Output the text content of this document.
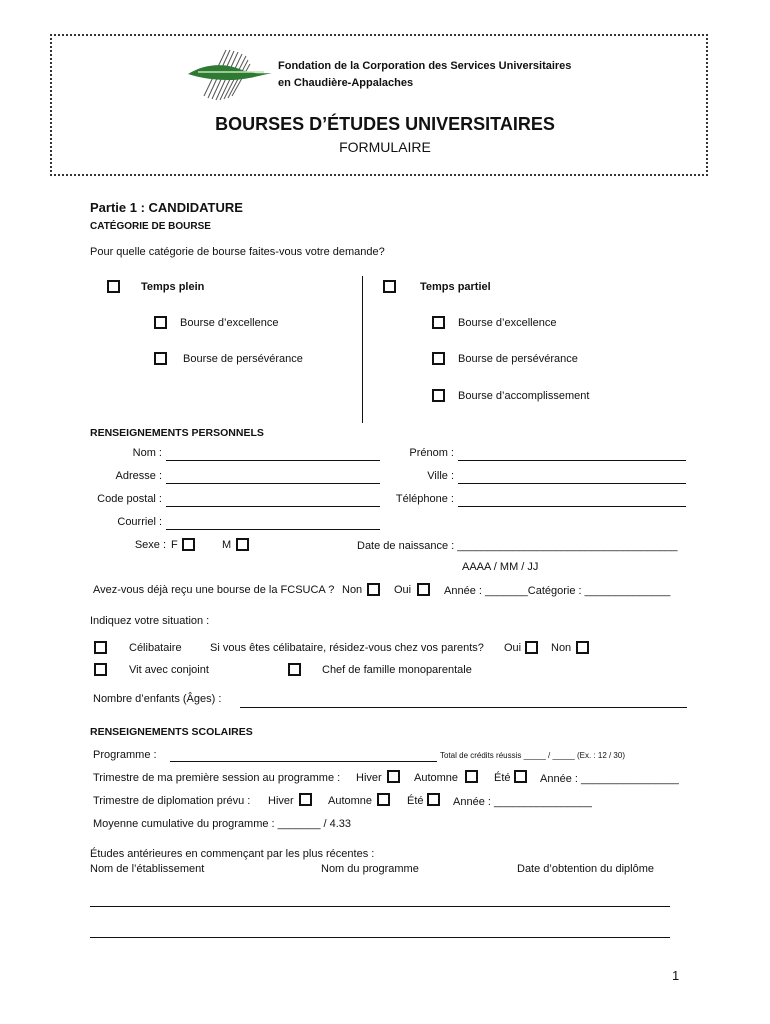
Fondation de la Corporation des Services Universitaires
en Chaudière-Appalaches
BOURSES D’ÉTUDES UNIVERSITAIRES
FORMULAIRE
Partie 1 : CANDIDATURE
CATÉGORIE DE BOURSE
Pour quelle catégorie de bourse faites-vous votre demande?
Temps plein
Bourse d’excellence
Bourse de persévérance
Temps partiel
Bourse d’excellence
Bourse de persévérance
Bourse d’accomplissement
RENSEIGNEMENTS PERSONNELS
Nom :	Prénom :
Adresse :	Ville :
Code postal :	Téléphone :
Courriel :
Sexe : F	M	Date de naissance : ____________________________________
AAAA / MM / JJ
Avez-vous déjà reçu une bourse de la FCSUCA ? Non	Oui	Année : _______Catégorie : ______________
Indiquez votre situation :
Célibataire	Si vous êtes célibataire, résidez-vous chez vos parents? Oui	Non
Vit avec conjoint	Chef de famille monoparentale
Nombre d’enfants (Âges) :
RENSEIGNEMENTS SCOLAIRES
Programme :	Total de crédits réussis _____ / _____ (Ex. : 12 / 30)
Trimestre de ma première session au programme : Hiver	Automne	Été	Année : ________________
Trimestre de diplomation prévu : Hiver	Automne	Été	Année : ________________
Moyenne cumulative du programme : _______ / 4.33
Études antérieures en commençant par les plus récentes :
Nom de l’établissement	Nom du programme	Date d’obtention du diplôme
1
